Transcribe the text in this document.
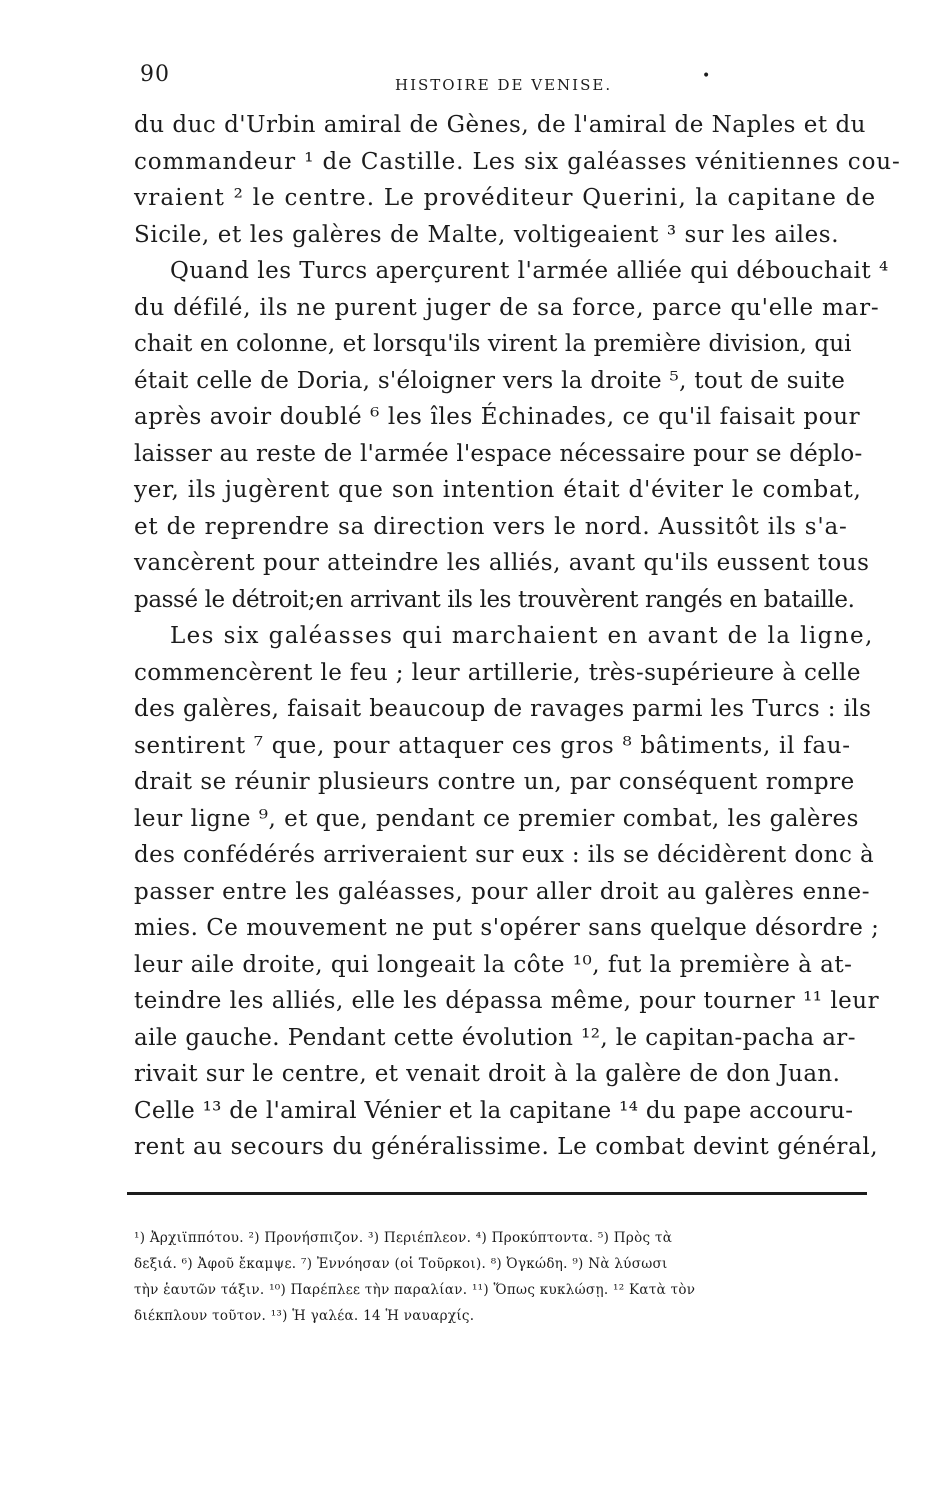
90	HISTOIRE DE VENISE.	•
du duc d'Urbin amiral de Gènes, de l'amiral de Naples et du
commandeur ¹ de Castille. Les six galéasses vénitiennes cou-
vraient ² le centre. Le provéditeur Querini, la capitane de
Sicile, et les galères de Malte, voltigeaient ³ sur les ailes.
Quand les Turcs aperçurent l'armée alliée qui débouchait ⁴
du défilé, ils ne purent juger de sa force, parce qu'elle mar-
chait en colonne, et lorsqu'ils virent la première division, qui
était celle de Doria, s'éloigner vers la droite ⁵, tout de suite
après avoir doublé ⁶ les îles Échinades, ce qu'il faisait pour
laisser au reste de l'armée l'espace nécessaire pour se déplo-
yer, ils jugèrent que son intention était d'éviter le combat,
et de reprendre sa direction vers le nord. Aussitôt ils s'a-
vancèrent pour atteindre les alliés, avant qu'ils eussent tous
passé le détroit;en arrivant ils les trouvèrent rangés en bataille.
Les six galéasses qui marchaient en avant de la ligne,
commencèrent le feu ; leur artillerie, très-supérieure à celle
des galères, faisait beaucoup de ravages parmi les Turcs : ils
sentirent ⁷ que, pour attaquer ces gros ⁸ bâtiments, il fau-
drait se réunir plusieurs contre un, par conséquent rompre
leur ligne ⁹, et que, pendant ce premier combat, les galères
des confédérés arriveraient sur eux : ils se décidèrent donc à
passer entre les galéasses, pour aller droit au galères enne-
mies. Ce mouvement ne put s'opérer sans quelque désordre ;
leur aile droite, qui longeait la côte ¹⁰, fut la première à at-
teindre les alliés, elle les dépassa même, pour tourner ¹¹ leur
aile gauche. Pendant cette évolution ¹², le capitan-pacha ar-
rivait sur le centre, et venait droit à la galère de don Juan.
Celle ¹³ de l'amiral Vénier et la capitane ¹⁴ du pape accouru-
rent au secours du généralissime. Le combat devint général,
¹) Ἀρχιϊππότου. ²) Προνήσπιζον. ³) Περιέπλεον. ⁴) Προκύπτοντα. ⁵) Πρὸς τὰ
δεξιά. ⁶) Ἀφοῦ ἔκαμψε. ⁷) Ἐννόησαν (οἱ Τοῦρκοι). ⁸) Ὀγκώδη. ⁹) Νὰ λύσωσι
τὴν ἑαυτῶν τάξιν. ¹⁰) Παρέπλεε τὴν παραλίαν. ¹¹) Ὅπως κυκλώσῃ. ¹² Κατὰ τὸν
διέκπλουν τοῦτον. ¹³) Ἡ γαλέα. 14 Ἡ ναυαρχίς.
